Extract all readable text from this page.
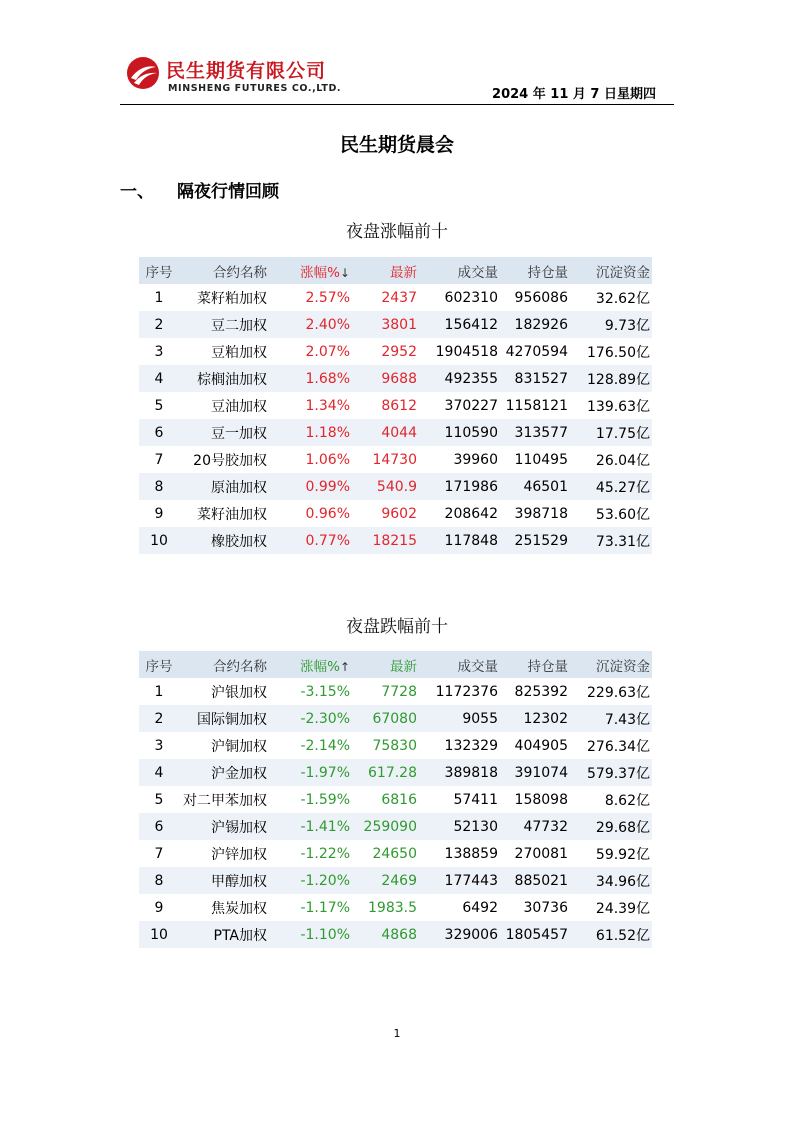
民生期货有限公司
MINSHENG FUTURES CO.,LTD.	2024 年 11 月 7 日星期四
民生期货晨会
一、 隔夜行情回顾
夜盘涨幅前十
序号	合约名称	涨幅%↓	最新	成交量	持仓量	沉淀资金
1	菜籽粕加权	2.57%	2437	602310	956086	32.62亿
2	豆二加权	2.40%	3801	156412	182926	9.73亿
3	豆粕加权	2.07%	2952	1904518	4270594	176.50亿
4	棕榈油加权	1.68%	9688	492355	831527	128.89亿
5	豆油加权	1.34%	8612	370227	1158121	139.63亿
6	豆一加权	1.18%	4044	110590	313577	17.75亿
7	20号胶加权	1.06%	14730	39960	110495	26.04亿
8	原油加权	0.99%	540.9	171986	46501	45.27亿
9	菜籽油加权	0.96%	9602	208642	398718	53.60亿
10	橡胶加权	0.77%	18215	117848	251529	73.31亿
夜盘跌幅前十
序号	合约名称	涨幅%↑	最新	成交量	持仓量	沉淀资金
1	沪银加权	-3.15%	7728	1172376	825392	229.63亿
2	国际铜加权	-2.30%	67080	9055	12302	7.43亿
3	沪铜加权	-2.14%	75830	132329	404905	276.34亿
4	沪金加权	-1.97%	617.28	389818	391074	579.37亿
5	对二甲苯加权	-1.59%	6816	57411	158098	8.62亿
6	沪锡加权	-1.41%	259090	52130	47732	29.68亿
7	沪锌加权	-1.22%	24650	138859	270081	59.92亿
8	甲醇加权	-1.20%	2469	177443	885021	34.96亿
9	焦炭加权	-1.17%	1983.5	6492	30736	24.39亿
10	PTA加权	-1.10%	4868	329006	1805457	61.52亿
1
